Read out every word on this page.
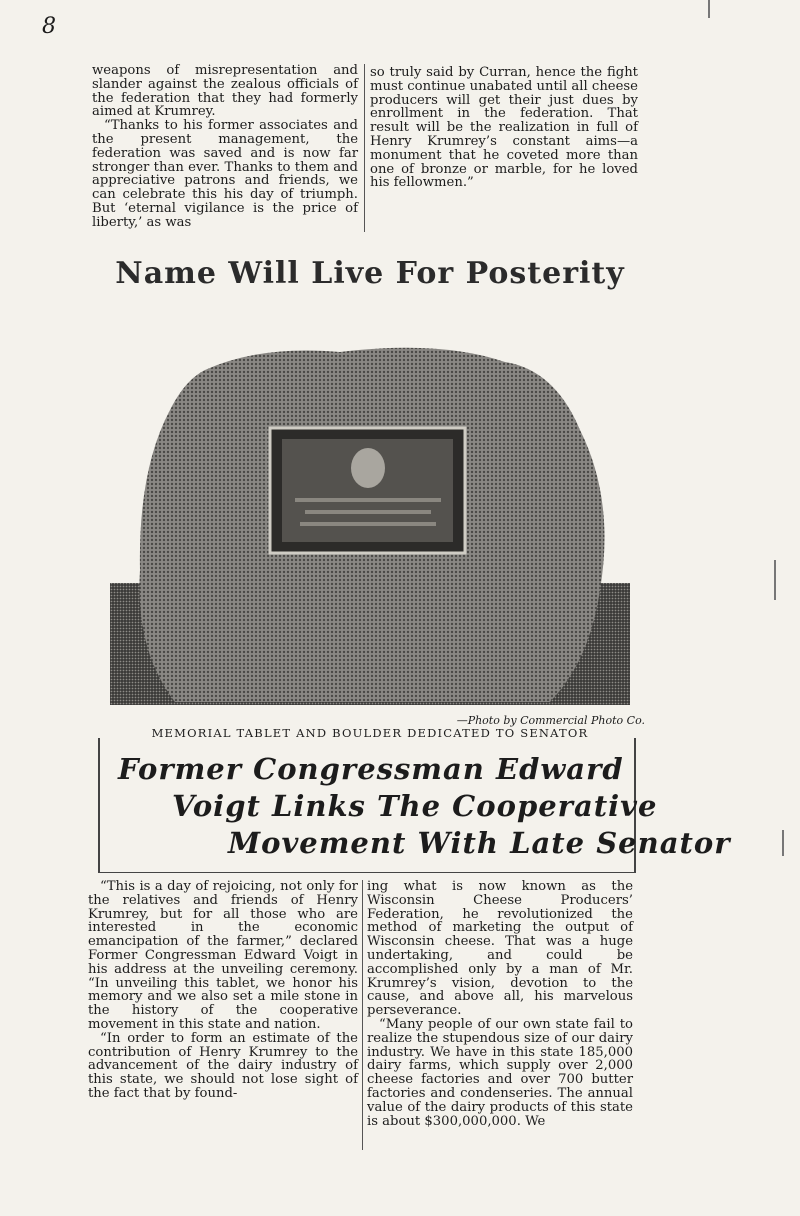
8

weapons of misrepresentation and slander against the zealous officials of the federation that they had formerly aimed at Krumrey.

“Thanks to his former associates and the present management, the federation was saved and is now far stronger than ever. Thanks to them and appreciative patrons and friends, we can celebrate this his day of triumph. But ‘eternal vigilance is the price of liberty,’ as was

so truly said by Curran, hence the fight must continue unabated until all cheese producers will get their just dues by enrollment in the federation. That result will be the realization in full of Henry Krumrey’s constant aims—a monument that he coveted more than one of bronze or marble, for he loved his fellowmen.”

Name Will Live For Posterity
—Photo by Commercial Photo Co.
MEMORIAL TABLET AND BOULDER DEDICATED TO SENATOR
Former Congressman Edward
Voigt Links The Cooperative
Movement With Late Senator

“This is a day of rejoicing, not only for the relatives and friends of Henry Krumrey, but for all those who are interested in the economic emancipation of the farmer,” declared Former Congressman Edward Voigt in his address at the unveiling ceremony. “In unveiling this tablet, we honor his memory and we also set a mile stone in the history of the cooperative movement in this state and nation.

“In order to form an estimate of the contribution of Henry Krumrey to the advancement of the dairy industry of this state, we should not lose sight of the fact that by found-

ing what is now known as the Wisconsin Cheese Producers’ Federation, he revolutionized the method of marketing the output of Wisconsin cheese. That was a huge undertaking, and could be accomplished only by a man of Mr. Krumrey’s vision, devotion to the cause, and above all, his marvelous perseverance.

“Many people of our own state fail to realize the stupendous size of our dairy industry. We have in this state 185,000 dairy farms, which supply over 2,000 cheese factories and over 700 butter factories and condenseries. The annual value of the dairy products of this state is about $300,000,000. We
